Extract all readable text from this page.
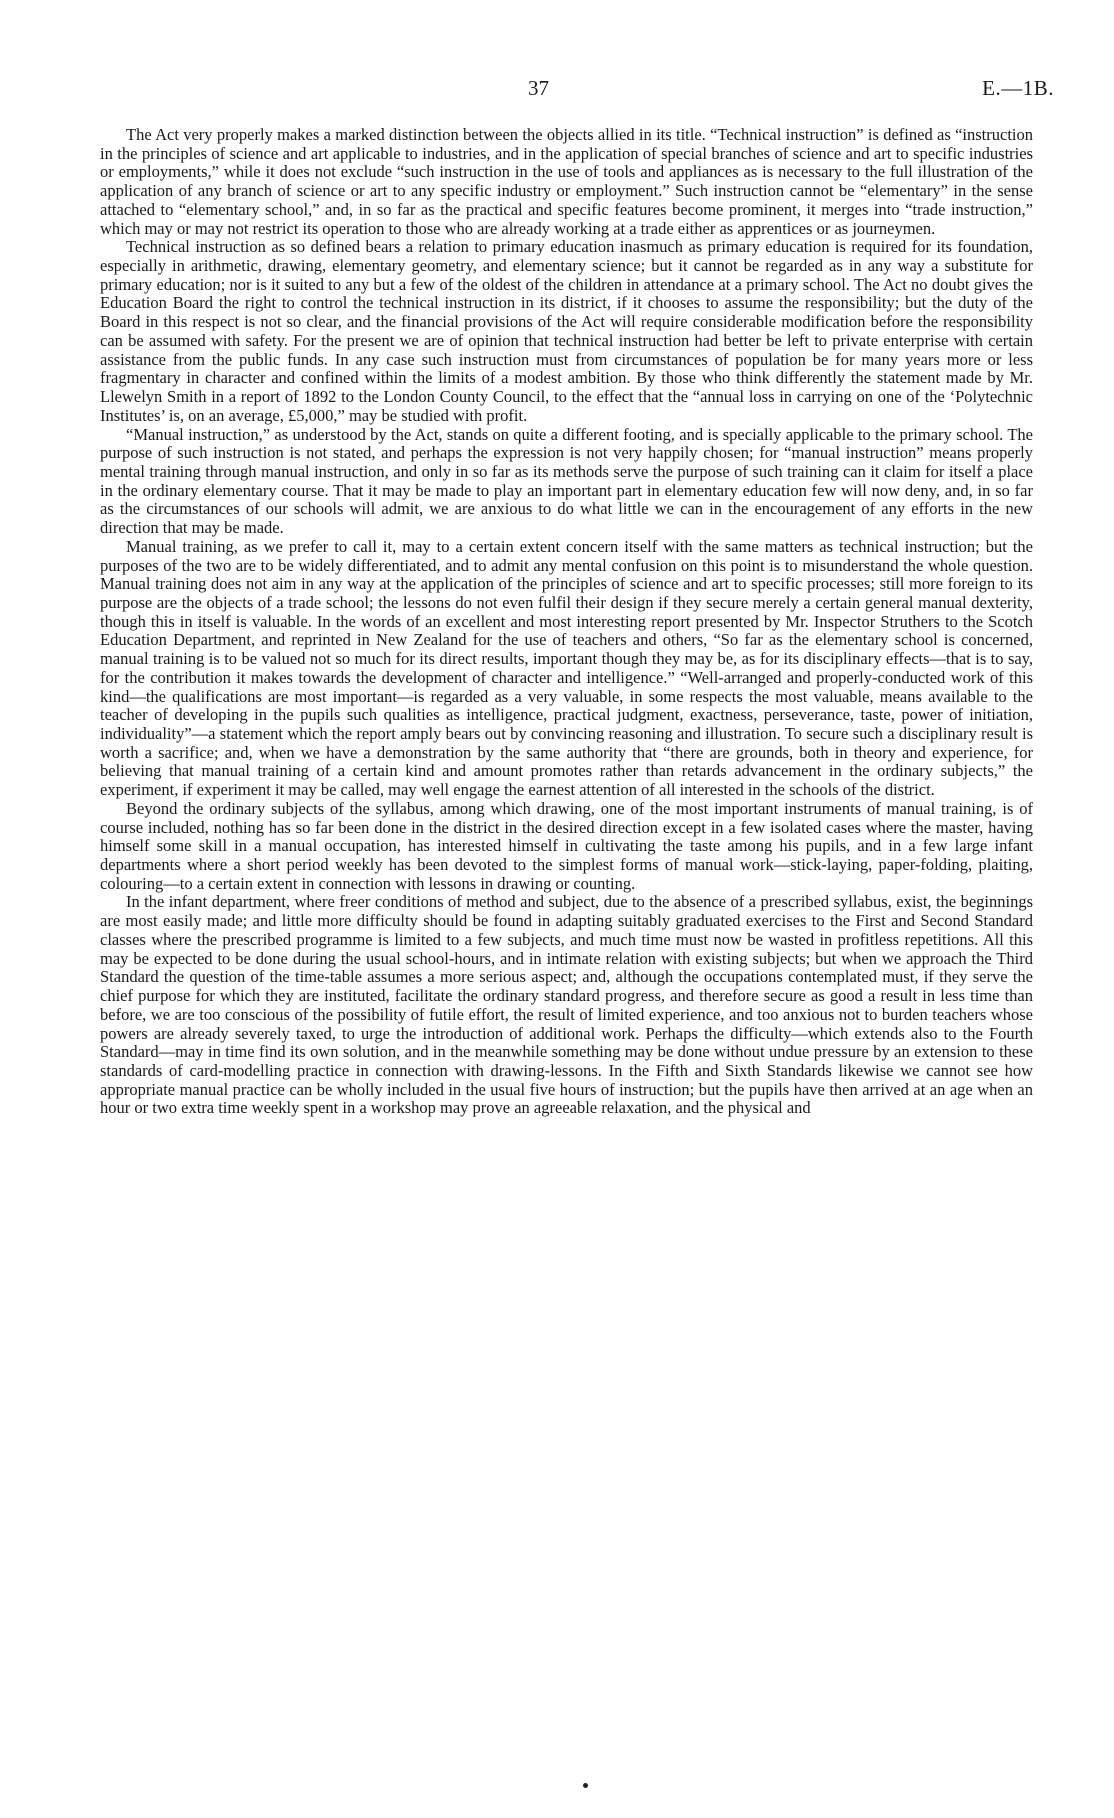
37	E.—1B.

The Act very properly makes a marked distinction between the objects allied in its title. “Technical instruction” is defined as “instruction in the principles of science and art applicable to industries, and in the application of special branches of science and art to specific industries or employments,” while it does not exclude “such instruction in the use of tools and appliances as is necessary to the full illustration of the application of any branch of science or art to any specific industry or employment.” Such instruction cannot be “elementary” in the sense attached to “elementary school,” and, in so far as the practical and specific features become prominent, it merges into “trade instruction,” which may or may not restrict its operation to those who are already working at a trade either as apprentices or as journeymen.

Technical instruction as so defined bears a relation to primary education inasmuch as primary education is required for its foundation, especially in arithmetic, drawing, elementary geometry, and elementary science; but it cannot be regarded as in any way a substitute for primary education; nor is it suited to any but a few of the oldest of the children in attendance at a primary school. The Act no doubt gives the Education Board the right to control the technical instruction in its district, if it chooses to assume the responsibility; but the duty of the Board in this respect is not so clear, and the financial provisions of the Act will require considerable modification before the responsibility can be assumed with safety. For the present we are of opinion that technical instruction had better be left to private enterprise with certain assistance from the public funds. In any case such instruction must from circumstances of population be for many years more or less fragmentary in character and confined within the limits of a modest ambition. By those who think differently the statement made by Mr. Llewelyn Smith in a report of 1892 to the London County Council, to the effect that the “annual loss in carrying on one of the ‘Polytechnic Institutes’ is, on an average, £5,000,” may be studied with profit.

“Manual instruction,” as understood by the Act, stands on quite a different footing, and is specially applicable to the primary school. The purpose of such instruction is not stated, and perhaps the expression is not very happily chosen; for “manual instruction” means properly mental training through manual instruction, and only in so far as its methods serve the purpose of such training can it claim for itself a place in the ordinary elementary course. That it may be made to play an important part in elementary education few will now deny, and, in so far as the circumstances of our schools will admit, we are anxious to do what little we can in the encouragement of any efforts in the new direction that may be made.

Manual training, as we prefer to call it, may to a certain extent concern itself with the same matters as technical instruction; but the purposes of the two are to be widely differentiated, and to admit any mental confusion on this point is to misunderstand the whole question. Manual training does not aim in any way at the application of the principles of science and art to specific processes; still more foreign to its purpose are the objects of a trade school; the lessons do not even fulfil their design if they secure merely a certain general manual dexterity, though this in itself is valuable. In the words of an excellent and most interesting report presented by Mr. Inspector Struthers to the Scotch Education Department, and reprinted in New Zealand for the use of teachers and others, “So far as the elementary school is concerned, manual training is to be valued not so much for its direct results, important though they may be, as for its disciplinary effects—that is to say, for the contribution it makes towards the development of character and intelligence.” “Well-arranged and properly-conducted work of this kind—the qualifications are most important—is regarded as a very valuable, in some respects the most valuable, means available to the teacher of developing in the pupils such qualities as intelligence, practical judgment, exactness, perseverance, taste, power of initiation, individuality”—a statement which the report amply bears out by convincing reasoning and illustration. To secure such a disciplinary result is worth a sacrifice; and, when we have a demonstration by the same authority that “there are grounds, both in theory and experience, for believing that manual training of a certain kind and amount promotes rather than retards advancement in the ordinary subjects,” the experiment, if experiment it may be called, may well engage the earnest attention of all interested in the schools of the district.

Beyond the ordinary subjects of the syllabus, among which drawing, one of the most important instruments of manual training, is of course included, nothing has so far been done in the district in the desired direction except in a few isolated cases where the master, having himself some skill in a manual occupation, has interested himself in cultivating the taste among his pupils, and in a few large infant departments where a short period weekly has been devoted to the simplest forms of manual work—stick-laying, paper-folding, plaiting, colouring—to a certain extent in connection with lessons in drawing or counting.

In the infant department, where freer conditions of method and subject, due to the absence of a prescribed syllabus, exist, the beginnings are most easily made; and little more difficulty should be found in adapting suitably graduated exercises to the First and Second Standard classes where the prescribed programme is limited to a few subjects, and much time must now be wasted in profitless repetitions. All this may be expected to be done during the usual school-hours, and in intimate relation with existing subjects; but when we approach the Third Standard the question of the time-table assumes a more serious aspect; and, although the occupations contemplated must, if they serve the chief purpose for which they are instituted, facilitate the ordinary standard progress, and therefore secure as good a result in less time than before, we are too conscious of the possibility of futile effort, the result of limited experience, and too anxious not to burden teachers whose powers are already severely taxed, to urge the introduction of additional work. Perhaps the difficulty—which extends also to the Fourth Standard—may in time find its own solution, and in the meanwhile something may be done without undue pressure by an extension to these standards of card-modelling practice in connection with drawing-lessons. In the Fifth and Sixth Standards likewise we cannot see how appropriate manual practice can be wholly included in the usual five hours of instruction; but the pupils have then arrived at an age when an hour or two extra time weekly spent in a workshop may prove an agreeable relaxation, and the physical and
